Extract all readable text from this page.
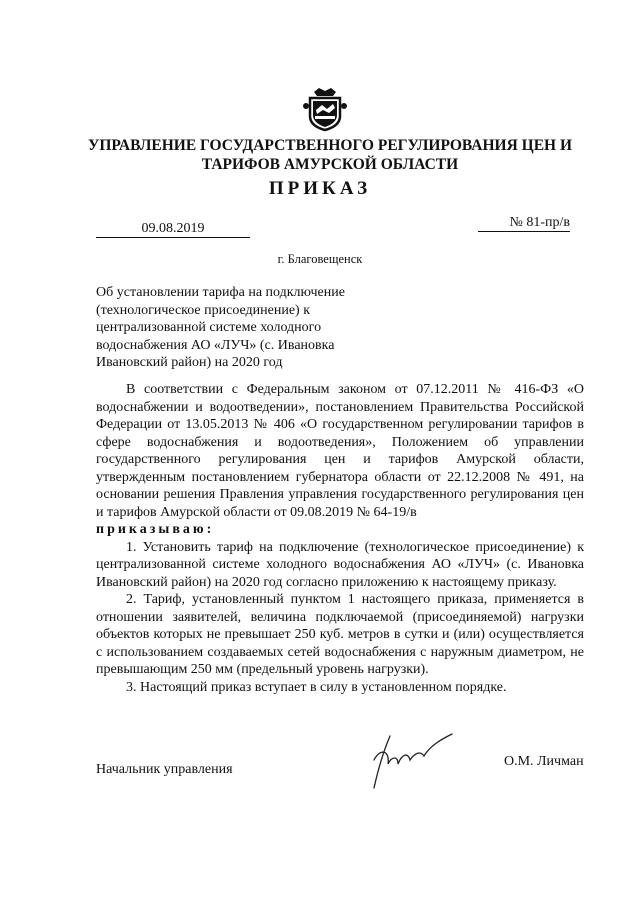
УПРАВЛЕНИЕ ГОСУДАРСТВЕННОГО РЕГУЛИРОВАНИЯ ЦЕН И ТАРИФОВ АМУРСКОЙ ОБЛАСТИ
ПРИКАЗ
09.08.2019	№ 81-пр/в
г. Благовещенск
Об установлении тарифа на подключение (технологическое присоединение) к централизованной системе холодного водоснабжения АО «ЛУЧ» (с. Ивановка Ивановский район) на 2020 год

В соответствии с Федеральным законом от 07.12.2011 № 416-ФЗ «О водоснабжении и водоотведении», постановлением Правительства Российской Федерации от 13.05.2013 № 406 «О государственном регулировании тарифов в сфере водоснабжения и водоотведения», Положением об управлении государственного регулирования цен и тарифов Амурской области, утвержденным постановлением губернатора области от 22.12.2008 № 491, на основании решения Правления управления государственного регулирования цен и тарифов Амурской области от 09.08.2019 № 64-19/в

приказываю:

1. Установить тариф на подключение (технологическое присоединение) к централизованной системе холодного водоснабжения АО «ЛУЧ» (с. Ивановка Ивановский район) на 2020 год согласно приложению к настоящему приказу.

2. Тариф, установленный пунктом 1 настоящего приказа, применяется в отношении заявителей, величина подключаемой (присоединяемой) нагрузки объектов которых не превышает 250 куб. метров в сутки и (или) осуществляется с использованием создаваемых сетей водоснабжения с наружным диаметром, не превышающим 250 мм (предельный уровень нагрузки).

3. Настоящий приказ вступает в силу в установленном порядке.

Начальник управления
О.М. Личман
